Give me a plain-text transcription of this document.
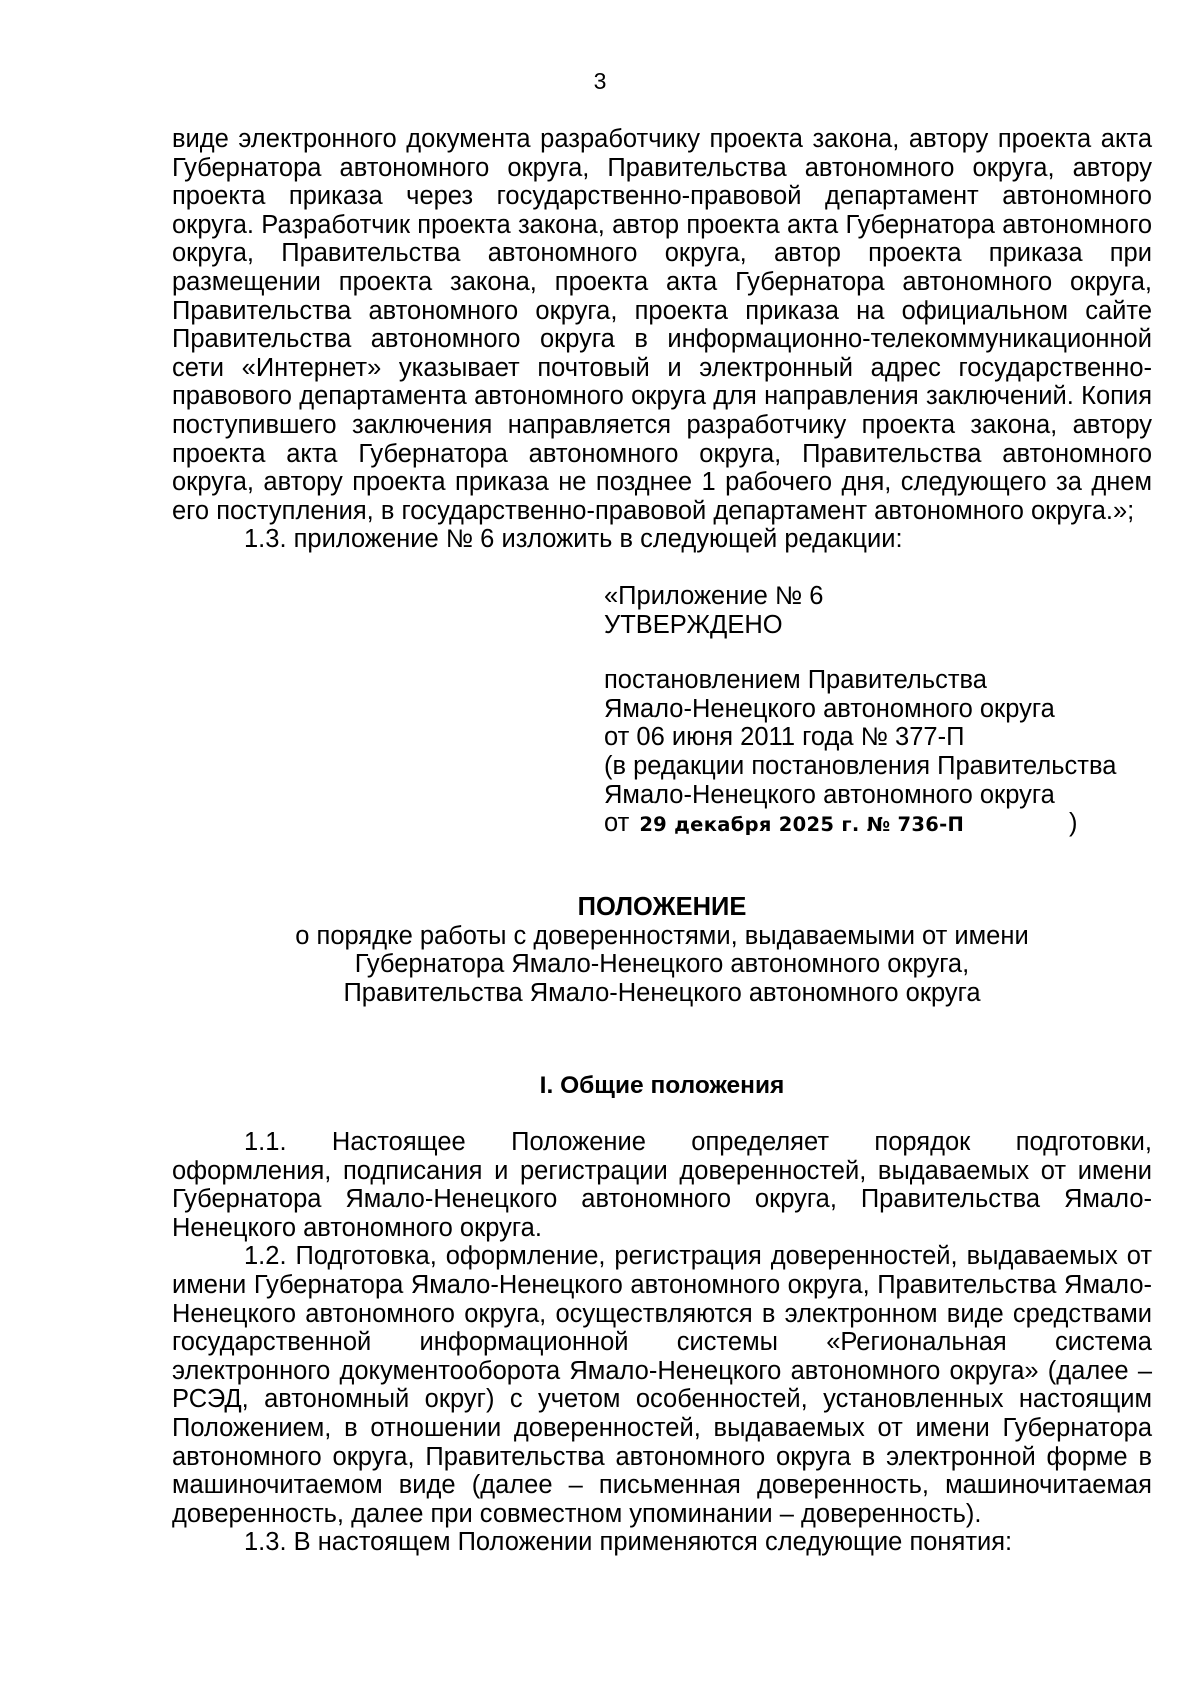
3

виде электронного документа разработчику проекта закона, автору проекта акта Губернатора автономного округа, Правительства автономного округа, автору проекта приказа через государственно-правовой департамент автономного округа. Разработчик проекта закона, автор проекта акта Губернатора автономного округа, Правительства автономного округа, автор проекта приказа при размещении проекта закона, проекта акта Губернатора автономного округа, Правительства автономного округа, проекта приказа на официальном сайте Правительства автономного округа в информационно-телекоммуникационной сети «Интернет» указывает почтовый и электронный адрес государственно-правового департамента автономного округа для направления заключений. Копия поступившего заключения направляется разработчику проекта закона, автору проекта акта Губернатора автономного округа, Правительства автономного округа, автору проекта приказа не позднее 1 рабочего дня, следующего за днем его поступления, в государственно-правовой департамент автономного округа.»;

1.3. приложение № 6 изложить в следующей редакции:

«Приложение № 6
УТВЕРЖДЕНО
постановлением Правительства
Ямало-Ненецкого автономного округа
от 06 июня 2011 года № 377-П
(в редакции постановления Правительства
Ямало-Ненецкого автономного округа
от 29 декабря 2025 г. № 736-П	)
ПОЛОЖЕНИЕ
о порядке работы с доверенностями, выдаваемыми от имени
Губернатора Ямало-Ненецкого автономного округа,
Правительства Ямало-Ненецкого автономного округа
I. Общие положения

1.1. Настоящее Положение определяет порядок подготовки,

оформления, подписания и регистрации доверенностей, выдаваемых от имени Губернатора Ямало-Ненецкого автономного округа, Правительства Ямало-Ненецкого автономного округа.

1.2. Подготовка, оформление, регистрация доверенностей, выдаваемых от имени Губернатора Ямало-Ненецкого автономного округа, Правительства Ямало-Ненецкого автономного округа, осуществляются в электронном виде средствами государственной информационной системы «Региональная система электронного документооборота Ямало-Ненецкого автономного округа» (далее – РСЭД, автономный округ) с учетом особенностей, установленных настоящим Положением, в отношении доверенностей, выдаваемых от имени Губернатора автономного округа, Правительства автономного округа в электронной форме в машиночитаемом виде (далее – письменная доверенность, машиночитаемая доверенность, далее при совместном упоминании – доверенность).

1.3. В настоящем Положении применяются следующие понятия:
